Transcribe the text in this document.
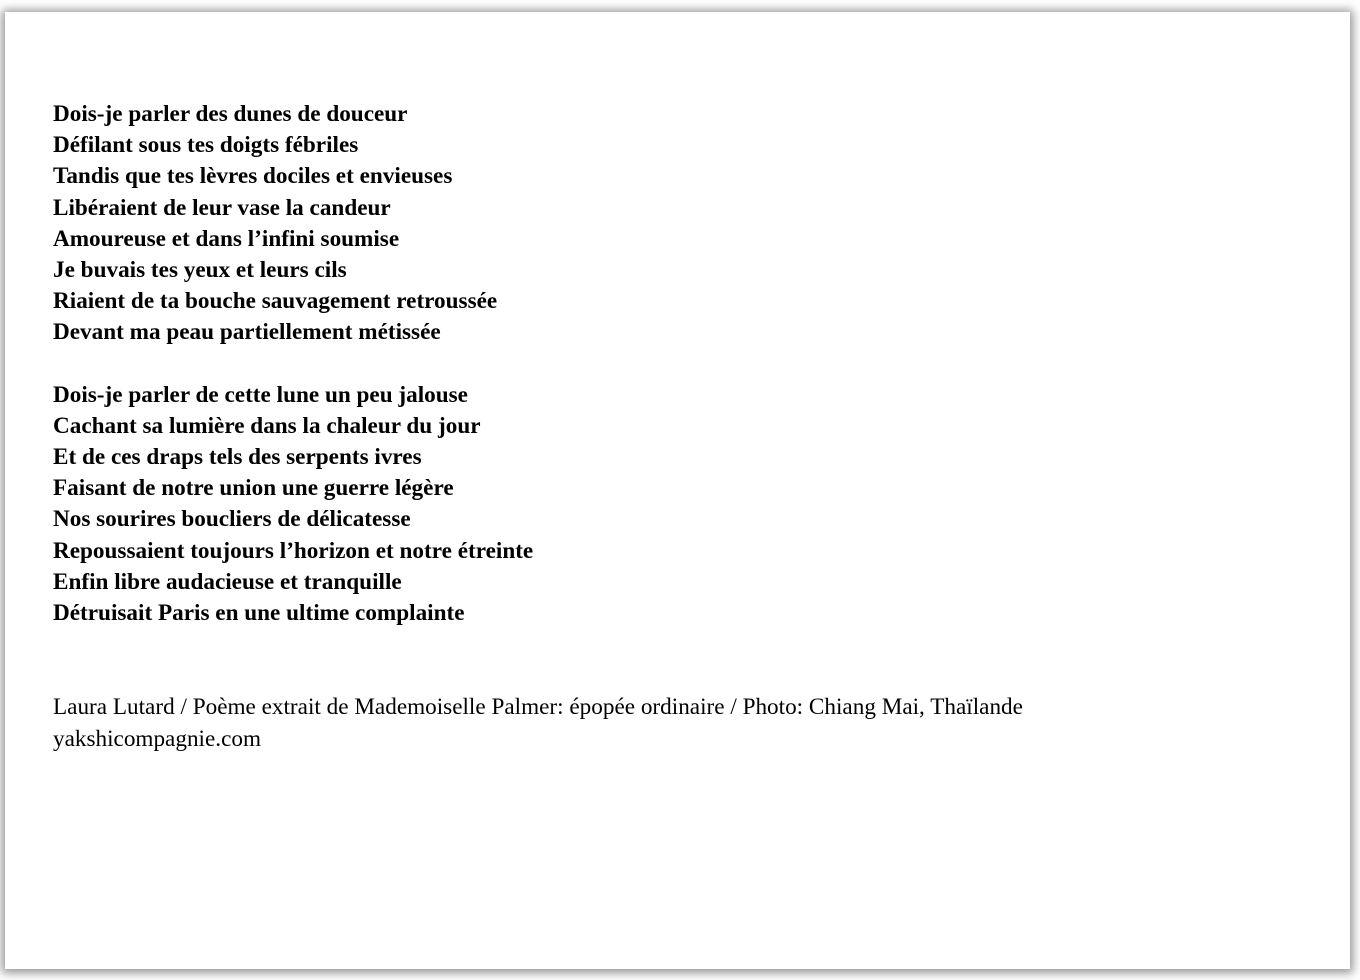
Dois-je parler des dunes de douceur
Défilant sous tes doigts fébriles
Tandis que tes lèvres dociles et envieuses
Libéraient de leur vase la candeur
Amoureuse et dans l’infini soumise
Je buvais tes yeux et leurs cils
Riaient de ta bouche sauvagement retroussée
Devant ma peau partiellement métissée
Dois-je parler de cette lune un peu jalouse
Cachant sa lumière dans la chaleur du jour
Et de ces draps tels des serpents ivres
Faisant de notre union une guerre légère
Nos sourires boucliers de délicatesse
Repoussaient toujours l’horizon et notre étreinte
Enfin libre audacieuse et tranquille
Détruisait Paris en une ultime complainte
Laura Lutard / Poème extrait de Mademoiselle Palmer: épopée ordinaire / Photo: Chiang Mai, Thaïlande
yakshicompagnie.com
